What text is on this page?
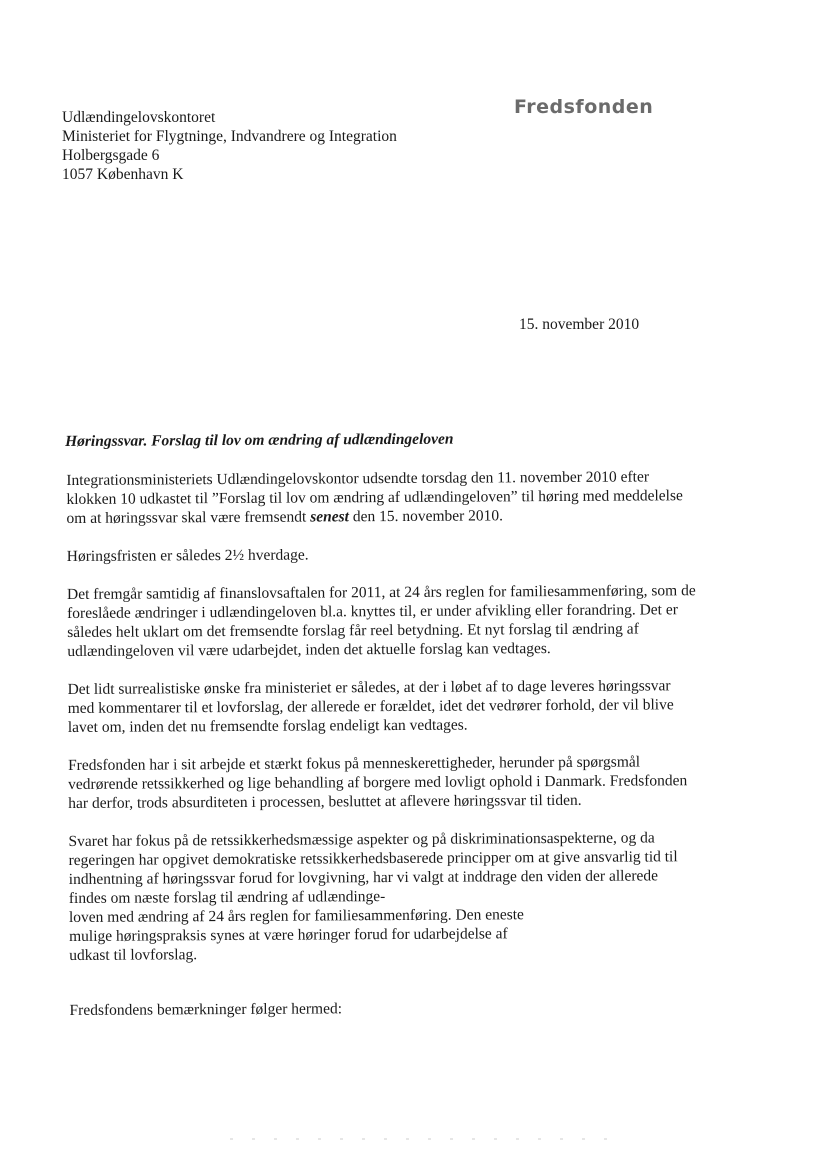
Fredsfonden
Udlændingelovskontoret
Ministeriet for Flygtninge, Indvandrere og Integration
Holbergsgade 6
1057 København K
15. november 2010
Høringssvar. Forslag til lov om ændring af udlændingeloven
Integrationsministeriets Udlændingelovskontor udsendte torsdag den 11. november 2010 efter
klokken 10 udkastet til ”Forslag til lov om ændring af udlændingeloven” til høring med meddelelse
om at høringssvar skal være fremsendt senest den 15. november 2010.
Høringsfristen er således 2½ hverdage.
Det fremgår samtidig af finanslovsaftalen for 2011, at 24 års reglen for familiesammenføring, som de
foreslåede ændringer i udlændingeloven bl.a. knyttes til, er under afvikling eller forandring. Det er
således helt uklart om det fremsendte forslag får reel betydning. Et nyt forslag til ændring af
udlændingeloven vil være udarbejdet, inden det aktuelle forslag kan vedtages.
Det lidt surrealistiske ønske fra ministeriet er således, at der i løbet af to dage leveres høringssvar
med kommentarer til et lovforslag, der allerede er forældet, idet det vedrører forhold, der vil blive
lavet om, inden det nu fremsendte forslag endeligt kan vedtages.
Fredsfonden har i sit arbejde et stærkt fokus på menneskerettigheder, herunder på spørgsmål
vedrørende retssikkerhed og lige behandling af borgere med lovligt ophold i Danmark. Fredsfonden
har derfor, trods absurditeten i processen, besluttet at aflevere høringssvar til tiden.
Svaret har fokus på de retssikkerhedsmæssige aspekter og på diskriminationsaspekterne, og da
regeringen har opgivet demokratiske retssikkerhedsbaserede principper om at give ansvarlig tid til
indhentning af høringssvar forud for lovgivning, har vi valgt at inddrage den viden der allerede
findes om næste forslag til ændring af udlændinge-
loven med ændring af 24 års reglen for familiesammenføring. Den eneste
mulige høringspraksis synes at være høringer forud for udarbejdelse af
udkast til lovforslag.
Fredsfondens bemærkninger følger hermed:
